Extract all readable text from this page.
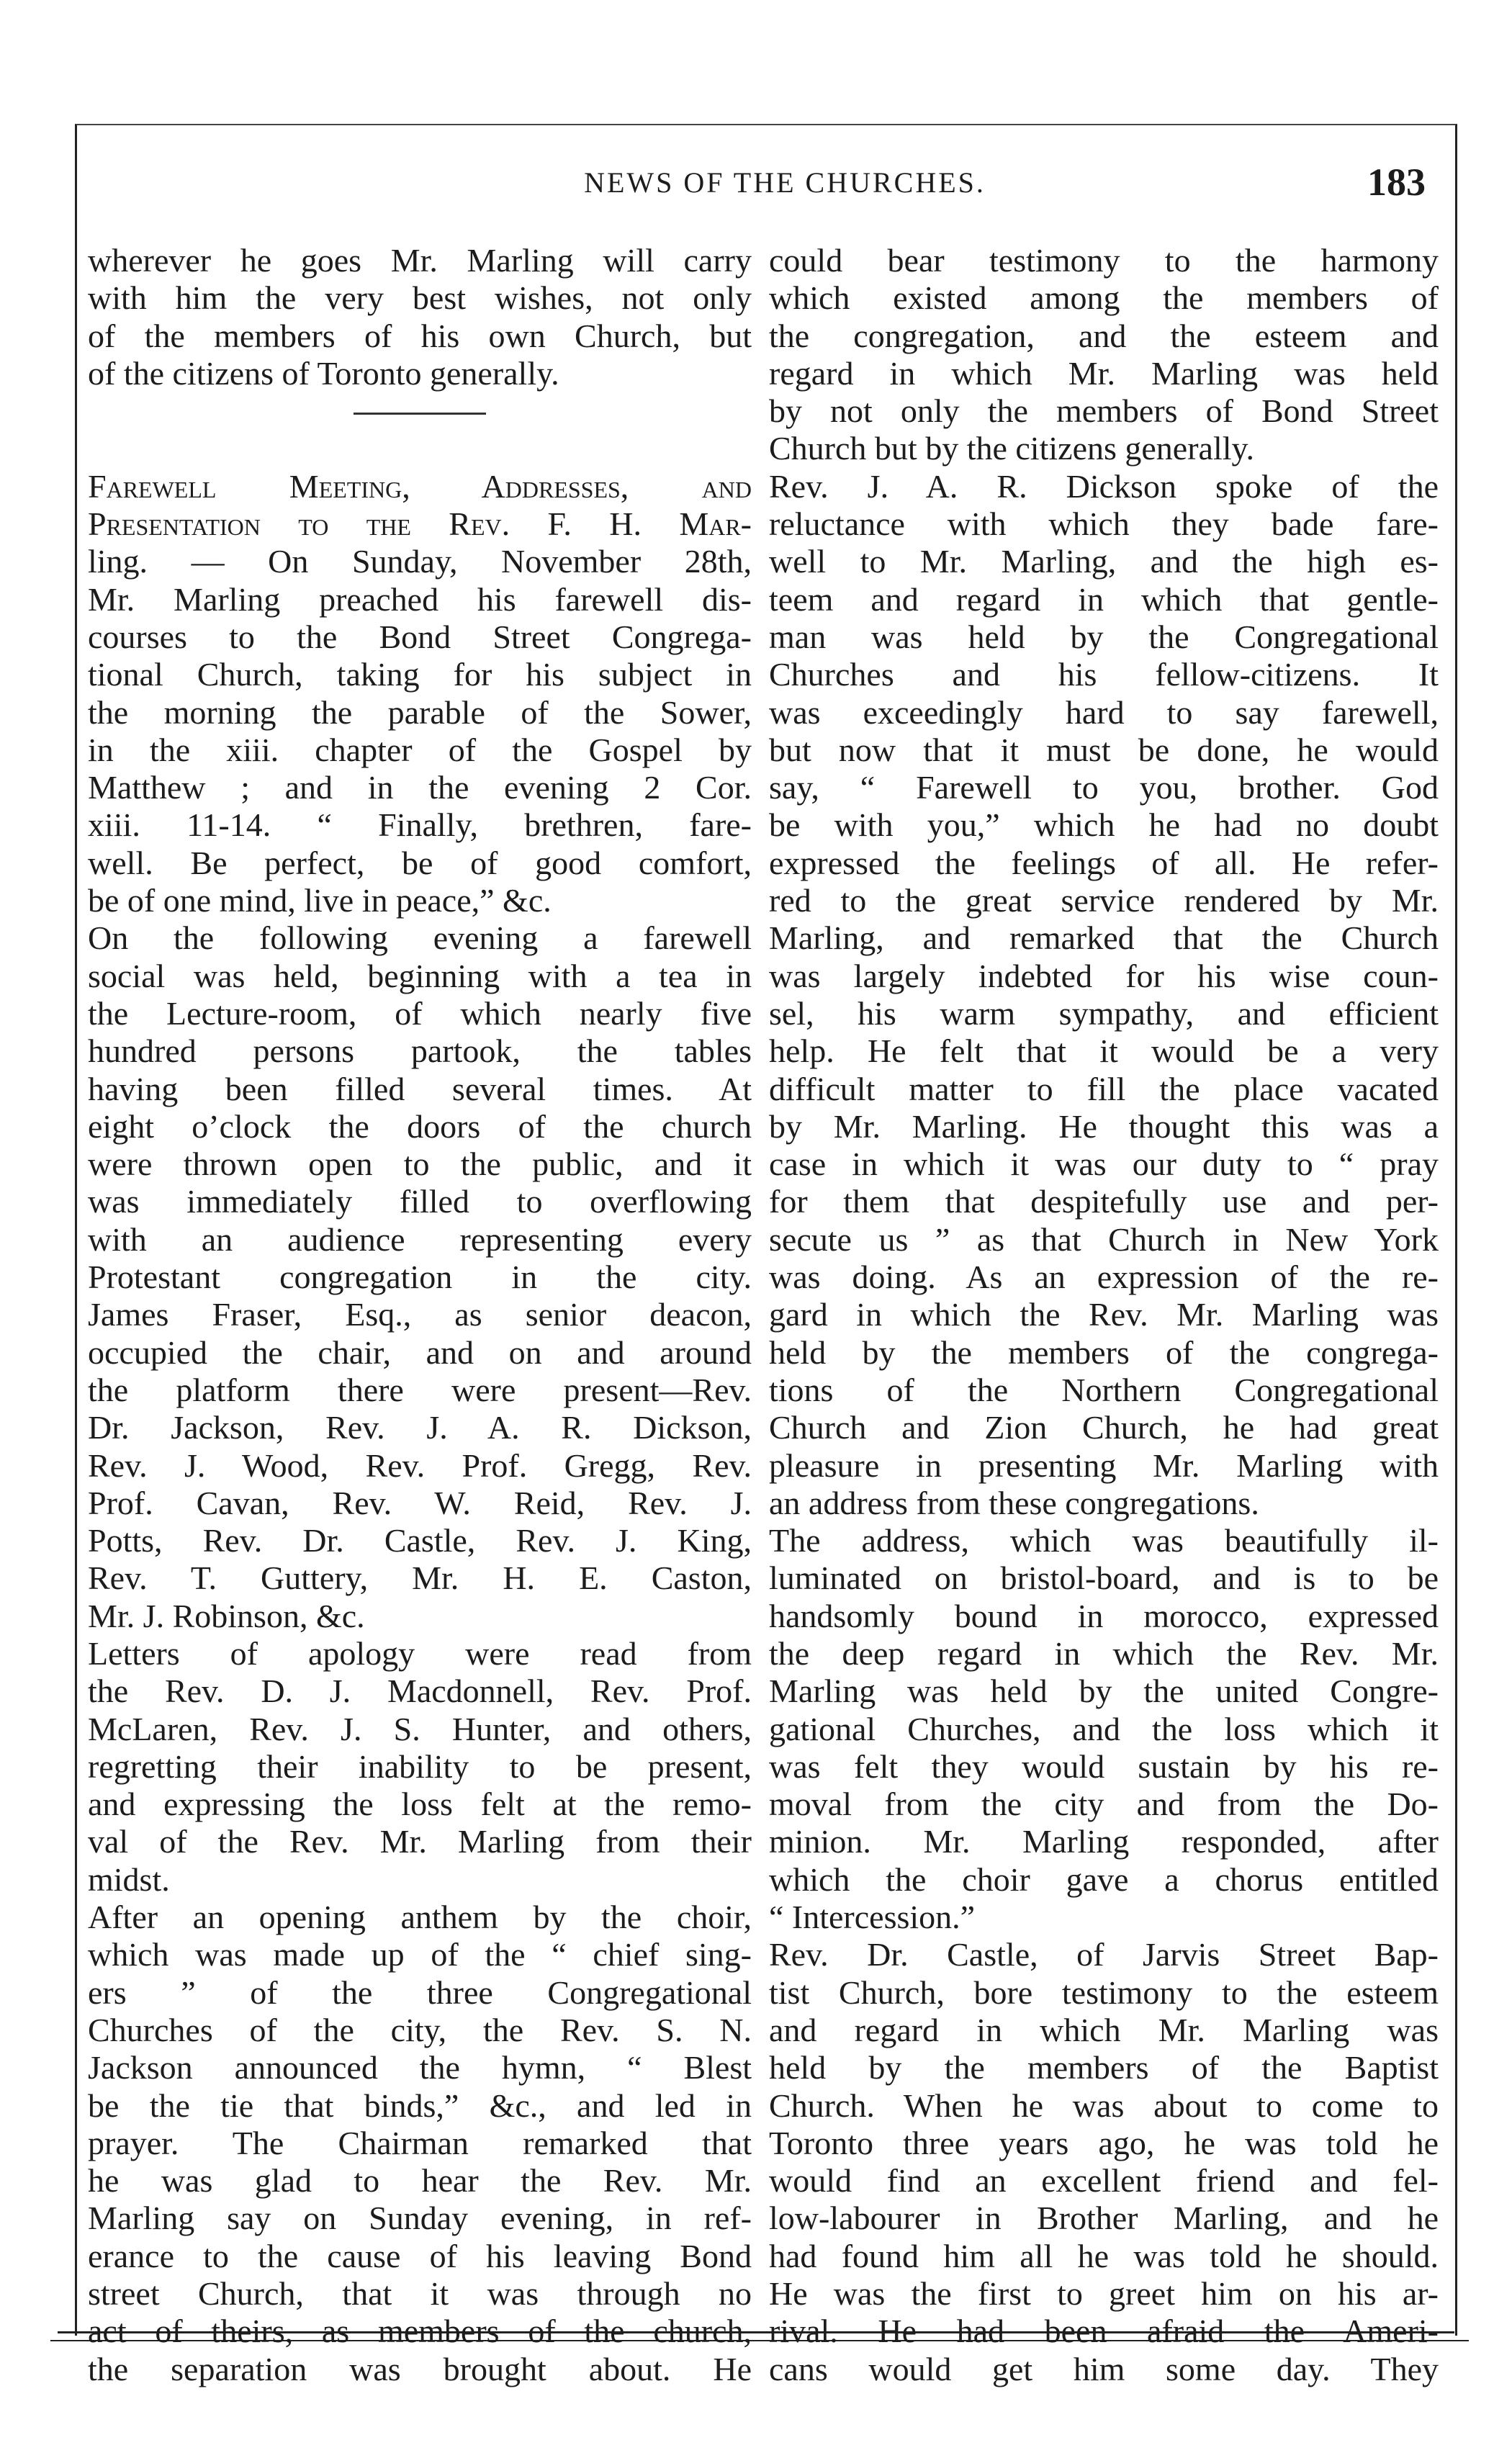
NEWS OF THE CHURCHES.	183
wherever he goes Mr. Marling will carry
with him the very best wishes, not only
of the members of his own Church, but
of the citizens of Toronto generally.
Farewell Meeting, Addresses, and
Presentation to the Rev. F. H. Mar-
ling. — On Sunday, November 28th,
Mr. Marling preached his farewell dis-
courses to the Bond Street Congrega-
tional Church, taking for his subject in
the morning the parable of the Sower,
in the xiii. chapter of the Gospel by
Matthew ; and in the evening 2 Cor.
xiii. 11-14. “ Finally, brethren, fare-
well. Be perfect, be of good comfort,
be of one mind, live in peace,” &c.
On the following evening a farewell
social was held, beginning with a tea in
the Lecture-room, of which nearly five
hundred persons partook, the tables
having been filled several times. At
eight o’clock the doors of the church
were thrown open to the public, and it
was immediately filled to overflowing
with an audience representing every
Protestant congregation in the city.
James Fraser, Esq., as senior deacon,
occupied the chair, and on and around
the platform there were present—Rev.
Dr. Jackson, Rev. J. A. R. Dickson,
Rev. J. Wood, Rev. Prof. Gregg, Rev.
Prof. Cavan, Rev. W. Reid, Rev. J.
Potts, Rev. Dr. Castle, Rev. J. King,
Rev. T. Guttery, Mr. H. E. Caston,
Mr. J. Robinson, &c.
Letters of apology were read from
the Rev. D. J. Macdonnell, Rev. Prof.
McLaren, Rev. J. S. Hunter, and others,
regretting their inability to be present,
and expressing the loss felt at the remo-
val of the Rev. Mr. Marling from their
midst.
After an opening anthem by the choir,
which was made up of the “ chief sing-
ers ” of the three Congregational
Churches of the city, the Rev. S. N.
Jackson announced the hymn, “ Blest
be the tie that binds,” &c., and led in
prayer. The Chairman remarked that
he was glad to hear the Rev. Mr.
Marling say on Sunday evening, in ref-
erance to the cause of his leaving Bond
street Church, that it was through no
act of theirs, as members of the church,
the separation was brought about. He
could bear testimony to the harmony
which existed among the members of
the congregation, and the esteem and
regard in which Mr. Marling was held
by not only the members of Bond Street
Church but by the citizens generally.
Rev. J. A. R. Dickson spoke of the
reluctance with which they bade fare-
well to Mr. Marling, and the high es-
teem and regard in which that gentle-
man was held by the Congregational
Churches and his fellow-citizens. It
was exceedingly hard to say farewell,
but now that it must be done, he would
say, “ Farewell to you, brother. God
be with you,” which he had no doubt
expressed the feelings of all. He refer-
red to the great service rendered by Mr.
Marling, and remarked that the Church
was largely indebted for his wise coun-
sel, his warm sympathy, and efficient
help. He felt that it would be a very
difficult matter to fill the place vacated
by Mr. Marling. He thought this was a
case in which it was our duty to “ pray
for them that despitefully use and per-
secute us ” as that Church in New York
was doing. As an expression of the re-
gard in which the Rev. Mr. Marling was
held by the members of the congrega-
tions of the Northern Congregational
Church and Zion Church, he had great
pleasure in presenting Mr. Marling with
an address from these congregations.
The address, which was beautifully il-
luminated on bristol-board, and is to be
handsomly bound in morocco, expressed
the deep regard in which the Rev. Mr.
Marling was held by the united Congre-
gational Churches, and the loss which it
was felt they would sustain by his re-
moval from the city and from the Do-
minion. Mr. Marling responded, after
which the choir gave a chorus entitled
“ Intercession.”
Rev. Dr. Castle, of Jarvis Street Bap-
tist Church, bore testimony to the esteem
and regard in which Mr. Marling was
held by the members of the Baptist
Church. When he was about to come to
Toronto three years ago, he was told he
would find an excellent friend and fel-
low-labourer in Brother Marling, and he
had found him all he was told he should.
He was the first to greet him on his ar-
rival. He had been afraid the Ameri-
cans would get him some day. They
